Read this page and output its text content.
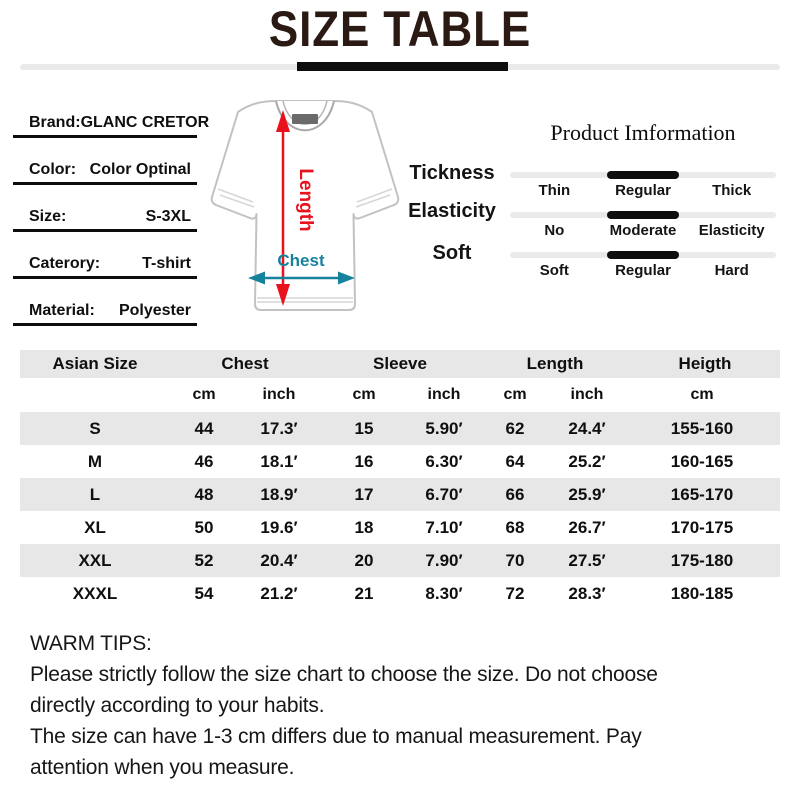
SIZE TABLE
Brand: GLANC CRETOR
Color: Color Optinal
Size:	S-3XL
Caterory:	T-shirt
Material: Polyester
Length
Chest
Tickness
Elasticity
Soft
Product Imformation
Thin	Regular	Thick
No	Moderate	Elasticity
Soft	Regular	Hard
Asian Size	Chest	Sleeve	Length	Heigth
cm	inch	cm	inch	cm	inch	cm
S	44	17.3′	15	5.90′	62	24.4′	155-160
M	46	18.1′	16	6.30′	64	25.2′	160-165
L	48	18.9′	17	6.70′	66	25.9′	165-170
XL	50	19.6′	18	7.10′	68	26.7′	170-175
XXL	52	20.4′	20	7.90′	70	27.5′	175-180
XXXL	54	21.2′	21	8.30′	72	28.3′	180-185
WARM TIPS:
Please strictly follow the size chart to choose the size. Do not choose
directly according to your habits.
The size can have 1-3 cm differs due to manual measurement. Pay
attention when you measure.
